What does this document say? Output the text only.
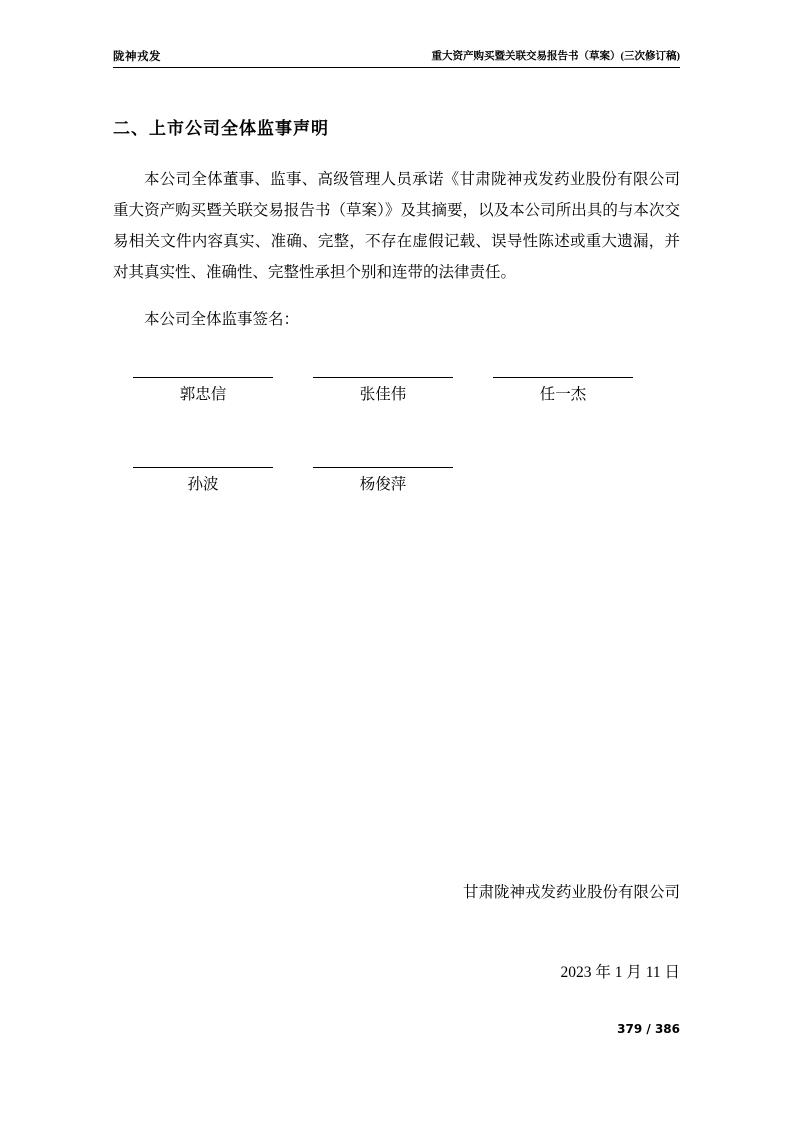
陇神戎发	重大资产购买暨关联交易报告书（草案）(三次修订稿)
二、上市公司全体监事声明

本公司全体董事、监事、高级管理人员承诺《甘肃陇神戎发药业股份有限公司重大资产购买暨关联交易报告书（草案）》及其摘要，以及本公司所出具的与本次交易相关文件内容真实、准确、完整，不存在虚假记载、误导性陈述或重大遗漏，并对其真实性、准确性、完整性承担个别和连带的法律责任。

本公司全体监事签名：

郭忠信	张佳伟	任一杰
孙波	杨俊萍
甘肃陇神戎发药业股份有限公司
2023 年 1 月 11 日
379 / 386
